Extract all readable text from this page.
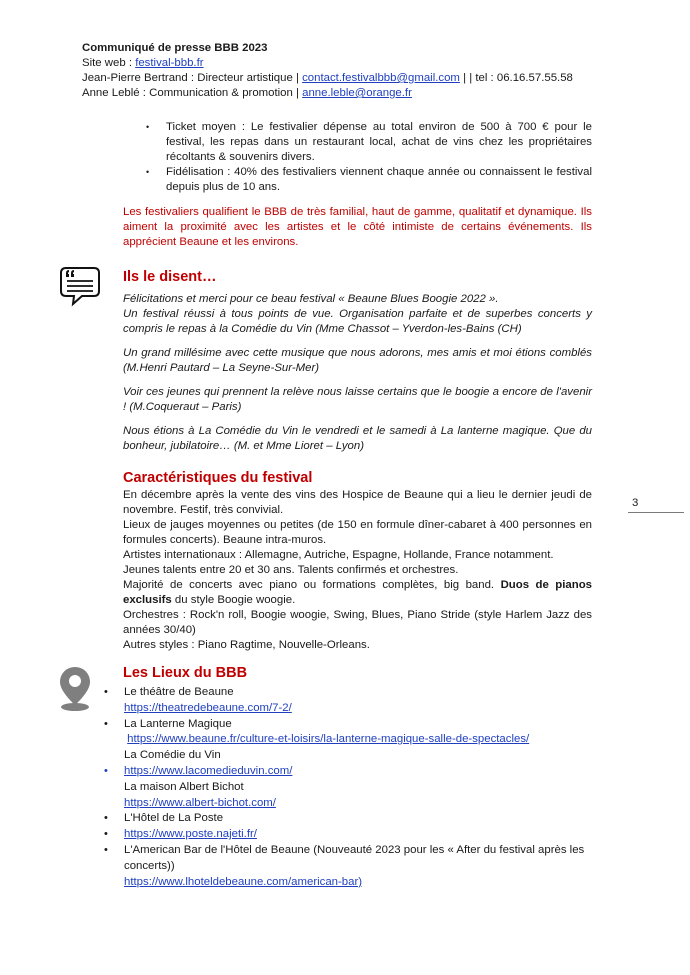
Communiqué de presse BBB 2023
Site web : festival-bbb.fr
Jean-Pierre Bertrand : Directeur artistique | contact.festivalbbb@gmail.com | | tel : 06.16.57.55.58
Anne Leblé : Communication & promotion | anne.leble@orange.fr
• Ticket moyen : Le festivalier dépense au total environ de 500 à 700 € pour le festival, les repas dans un restaurant local, achat de vins chez les propriétaires récoltants & souvenirs divers.
• Fidélisation : 40% des festivaliers viennent chaque année ou connaissent le festival depuis plus de 10 ans.
Les festivaliers qualifient le BBB de très familial, haut de gamme, qualitatif et dynamique. Ils aiment la proximité avec les artistes et le côté intimiste de certains événements. Ils apprécient Beaune et les environs.
Ils le disent…
Félicitations et merci pour ce beau festival « Beaune Blues Boogie 2022 ».
Un festival réussi à tous points de vue. Organisation parfaite et de superbes concerts y compris le repas à la Comédie du Vin (Mme Chassot – Yverdon-les-Bains (CH)
Un grand millésime avec cette musique que nous adorons, mes amis et moi étions comblés (M.Henri Pautard – La Seyne-Sur-Mer)
Voir ces jeunes qui prennent la relève nous laisse certains que le boogie a encore de l'avenir ! (M.Coqueraut – Paris)
Nous étions à La Comédie du Vin le vendredi et le samedi à La lanterne magique. Que du bonheur, jubilatoire… (M. et Mme Lioret – Lyon)
Caractéristiques du festival

En décembre après la vente des vins des Hospice de Beaune qui a lieu le dernier jeudi de novembre. Festif, très convivial.

Lieux de jauges moyennes ou petites (de 150 en formule dîner-cabaret à 400 personnes en formules concerts). Beaune intra-muros.

Artistes internationaux : Allemagne, Autriche, Espagne, Hollande, France notamment.

Jeunes talents entre 20 et 30 ans. Talents confirmés et orchestres.

Majorité de concerts avec piano ou formations complètes, big band. Duos de pianos exclusifs du style Boogie woogie.

Orchestres : Rock'n roll, Boogie woogie, Swing, Blues, Piano Stride (style Harlem Jazz des années 30/40)

Autres styles : Piano Ragtime, Nouvelle-Orleans.

3
Les Lieux du BBB
• Le théâtre de Beaune
https://theatredebeaune.com/7-2/
• La Lanterne Magique
https://www.beaune.fr/culture-et-loisirs/la-lanterne-magique-salle-de-spectacles/
La Comédie du Vin
• https://www.lacomedieduvin.com/
La maison Albert Bichot
https://www.albert-bichot.com/
• L'Hôtel de La Poste
• https://www.poste.najeti.fr/
• L'American Bar de l'Hôtel de Beaune (Nouveauté 2023 pour les « After du festival après les concerts))
https://www.lhoteldebeaune.com/american-bar)
